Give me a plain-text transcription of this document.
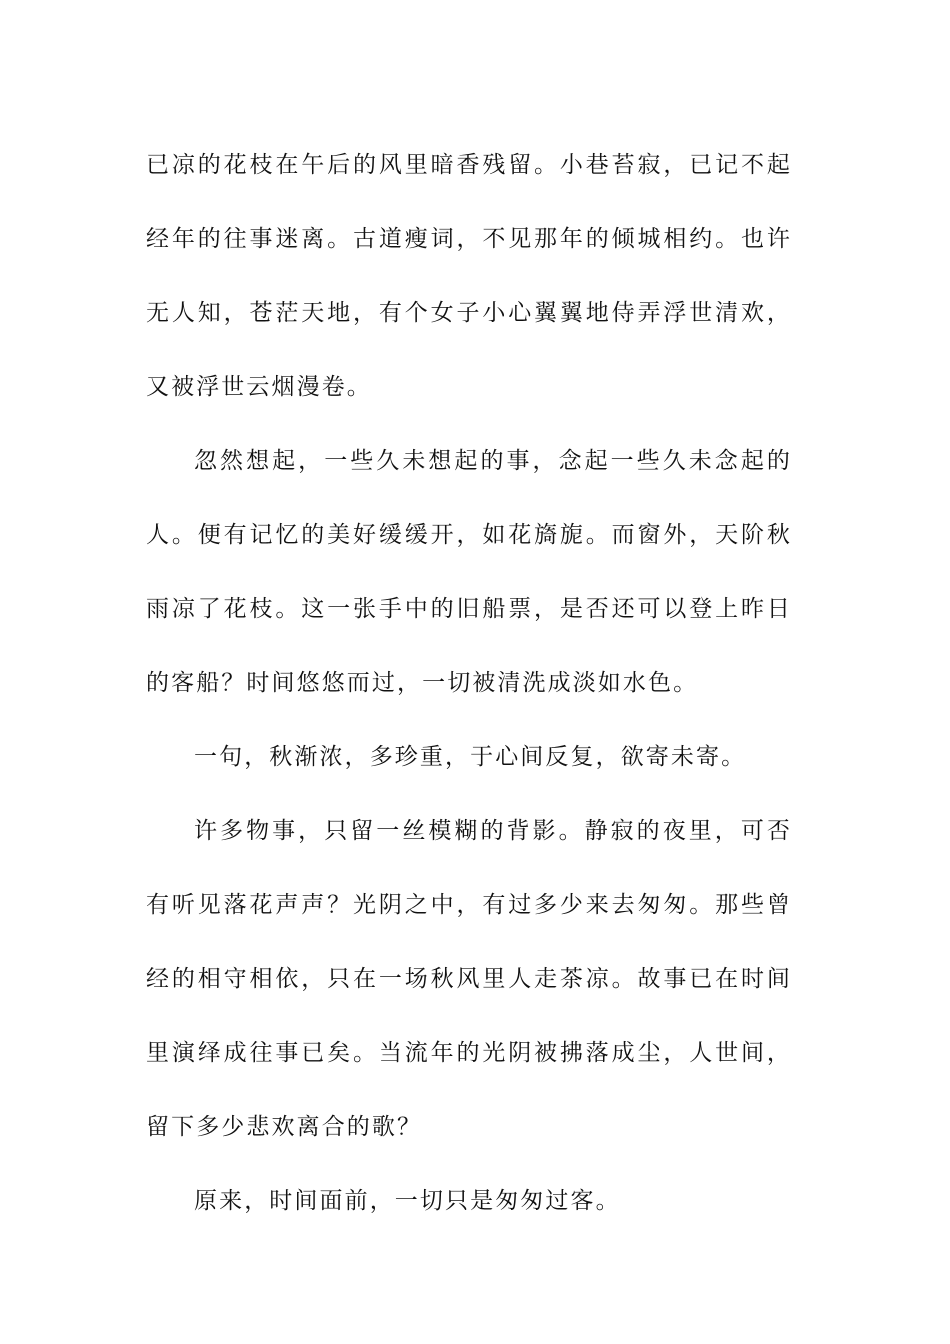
已凉的花枝在午后的风里暗香残留。小巷苔寂，已记不起经年的往事迷离。古道瘦词，不见那年的倾城相约。也许无人知，苍茫天地，有个女子小心翼翼地侍弄浮世清欢，又被浮世云烟漫卷。

忽然想起，一些久未想起的事，念起一些久未念起的人。便有记忆的美好缓缓开，如花旖旎。而窗外，天阶秋雨凉了花枝。这一张手中的旧船票，是否还可以登上昨日的客船？时间悠悠而过，一切被清洗成淡如水色。

一句，秋渐浓，多珍重，于心间反复，欲寄未寄。

许多物事，只留一丝模糊的背影。静寂的夜里，可否有听见落花声声？光阴之中，有过多少来去匆匆。那些曾经的相守相依，只在一场秋风里人走茶凉。故事已在时间里演绎成往事已矣。当流年的光阴被拂落成尘，人世间，留下多少悲欢离合的歌？

原来，时间面前，一切只是匆匆过客。
